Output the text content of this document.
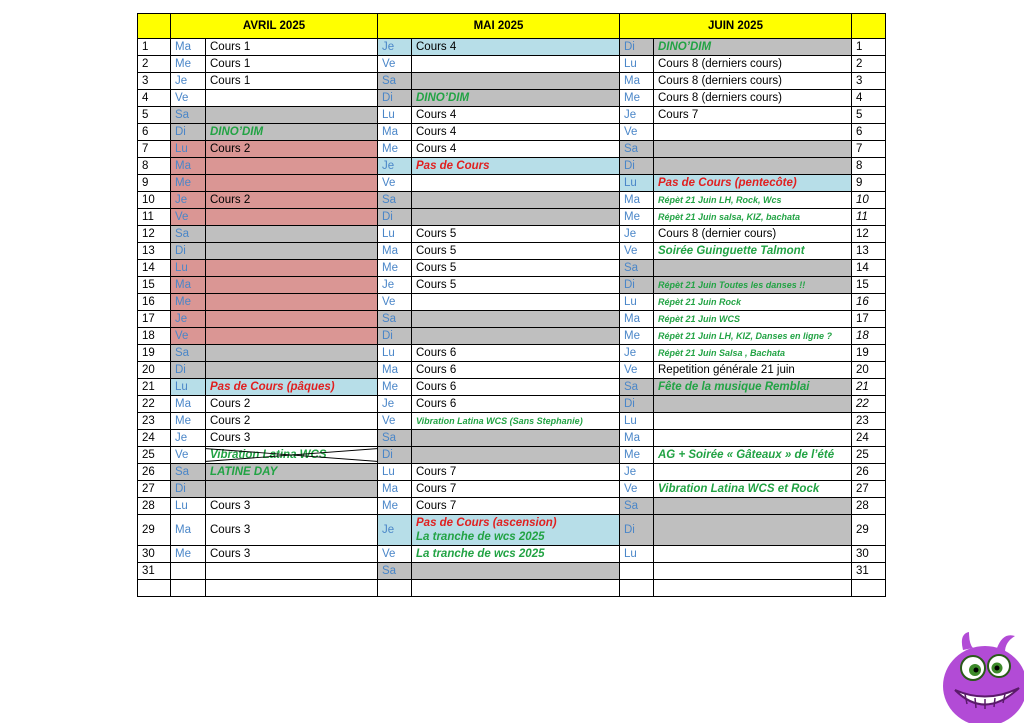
	AVRIL 2025		MAI 2025		JUIN 2025		
1	Ma	Cours 1	Je	Cours 4	Di	DINO’DIM	1
2	Me	Cours 1	Ve		Lu	Cours 8 (derniers cours)	2
3	Je	Cours 1	Sa		Ma	Cours 8 (derniers cours)	3
4	Ve		Di	DINO’DIM	Me	Cours 8 (derniers cours)	4
5	Sa		Lu	Cours 4	Je	Cours 7	5
6	Di	DINO’DIM	Ma	Cours 4	Ve		6
7	Lu	Cours 2	Me	Cours 4	Sa		7
8	Ma		Je	Pas de Cours	Di		8
9	Me		Ve		Lu	Pas de Cours (pentecôte)	9
10	Je	Cours 2	Sa		Ma	Répèt 21 Juin LH, Rock, Wcs	10
11	Ve		Di		Me	Répèt 21 Juin salsa, KIZ, bachata	11
12	Sa		Lu	Cours 5	Je	Cours 8 (dernier cours)	12
13	Di		Ma	Cours 5	Ve	Soirée Guinguette Talmont	13
14	Lu		Me	Cours 5	Sa		14
15	Ma		Je	Cours 5	Di	Répèt 21 Juin Toutes les danses !!	15
16	Me		Ve		Lu	Répèt 21 Juin Rock	16
17	Je		Sa		Ma	Répèt 21 Juin WCS	17
18	Ve		Di		Me	Répèt 21 Juin LH, KIZ, Danses en ligne ?	18
19	Sa		Lu	Cours 6	Je	Répèt 21 Juin Salsa , Bachata	19
20	Di		Ma	Cours 6	Ve	Repetition générale 21 juin	20
21	Lu	Pas de Cours (pâques)	Me	Cours 6	Sa	Fête de la musique Remblai	21
22	Ma	Cours 2	Je	Cours 6	Di		22
23	Me	Cours 2	Ve	Vibration Latina WCS (Sans Stephanie)	Lu		23
24	Je	Cours 3	Sa		Ma		24
25	Ve	Vibration Latina WCS	Di		Me	AG + Soirée « Gâteaux » de l’été	25
26	Sa	LATINE DAY	Lu	Cours 7	Je		26
27	Di		Ma	Cours 7	Ve	Vibration Latina WCS et Rock	27
28	Lu	Cours 3	Me	Cours 7	Sa		28
29	Ma	Cours 3	Je	Pas de Cours (ascension)
La tranche de wcs 2025	Di		29
30	Me	Cours 3	Ve	La tranche de wcs 2025	Lu		30
31			Sa				31
